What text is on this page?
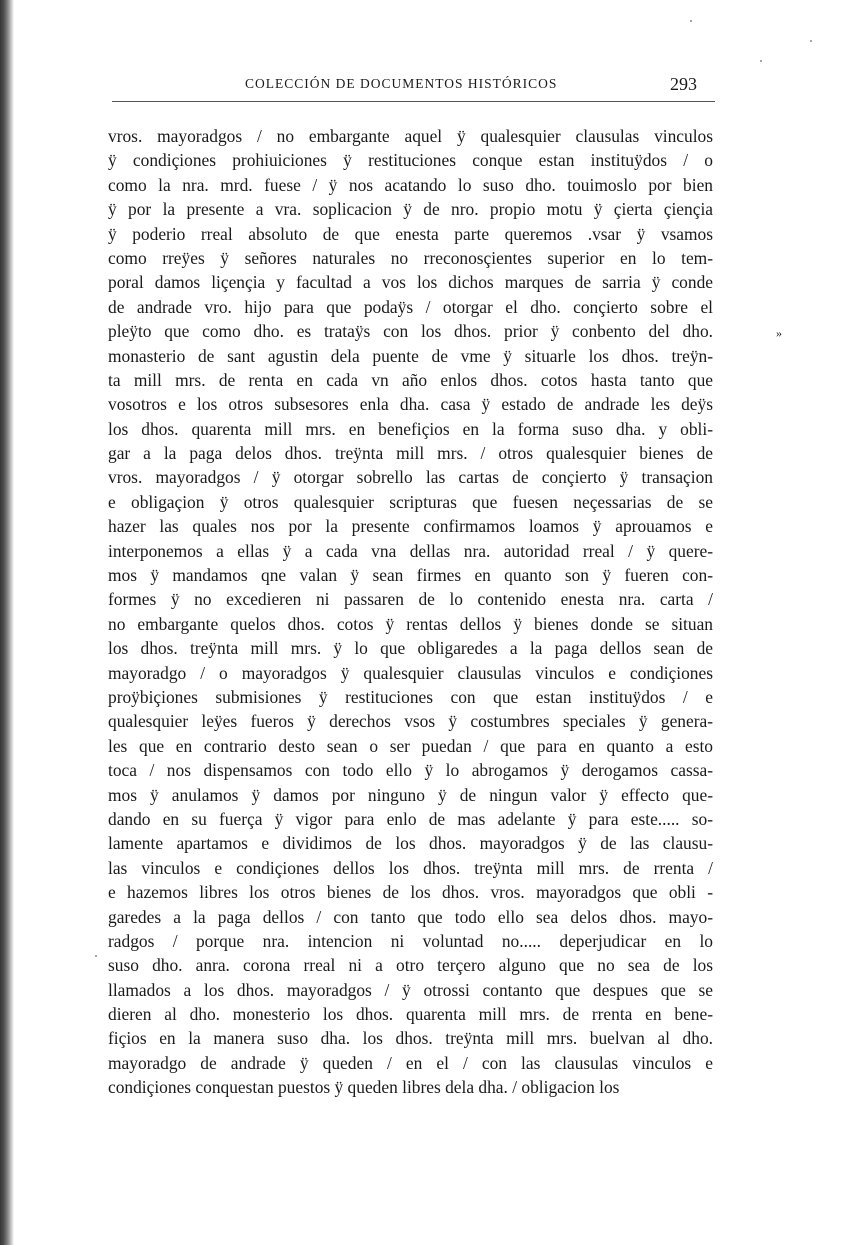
COLECCIÓN DE DOCUMENTOS HISTÓRICOS	293
»
vros. mayoradgos / no embargante aquel ÿ qualesquier clausulas vinculos
ÿ condiçiones prohiuiciones ÿ restituciones conque estan instituÿdos / o
como la nra. mrd. fuese / ÿ nos acatando lo suso dho. touimoslo por bien
ÿ por la presente a vra. soplicacion ÿ de nro. propio motu ÿ çierta çiençia
ÿ poderio rreal absoluto de que enesta parte queremos .vsar ÿ vsamos
como rreÿes ÿ señores naturales no rreconosçientes superior en lo tem-
poral damos liçençia y facultad a vos los dichos marques de sarria ÿ conde
de andrade vro. hijo para que podaÿs / otorgar el dho. conçierto sobre el
pleÿto que como dho. es trataÿs con los dhos. prior ÿ conbento del dho.
monasterio de sant agustin dela puente de vme ÿ situarle los dhos. treÿn-
ta mill mrs. de renta en cada vn año enlos dhos. cotos hasta tanto que
vosotros e los otros subsesores enla dha. casa ÿ estado de andrade les deÿs
los dhos. quarenta mill mrs. en benefiçios en la forma suso dha. y obli-
gar a la paga delos dhos. treÿnta mill mrs. / otros qualesquier bienes de
vros. mayoradgos / ÿ otorgar sobrello las cartas de conçierto ÿ transaçion
e obligaçion ÿ otros qualesquier scripturas que fuesen neçessarias de se
hazer las quales nos por la presente confirmamos loamos ÿ aprouamos e
interponemos a ellas ÿ a cada vna dellas nra. autoridad rreal / ÿ quere-
mos ÿ mandamos qne valan ÿ sean firmes en quanto son ÿ fueren con-
formes ÿ no excedieren ni passaren de lo contenido enesta nra. carta /
no embargante quelos dhos. cotos ÿ rentas dellos ÿ bienes donde se situan
los dhos. treÿnta mill mrs. ÿ lo que obligaredes a la paga dellos sean de
mayoradgo / o mayoradgos ÿ qualesquier clausulas vinculos e condiçiones
proÿbiçiones submisiones ÿ restituciones con que estan instituÿdos / e
qualesquier leÿes fueros ÿ derechos vsos ÿ costumbres speciales ÿ genera-
les que en contrario desto sean o ser puedan / que para en quanto a esto
toca / nos dispensamos con todo ello ÿ lo abrogamos ÿ derogamos cassa-
mos ÿ anulamos ÿ damos por ninguno ÿ de ningun valor ÿ effecto que-
dando en su fuerça ÿ vigor para enlo de mas adelante ÿ para este..... so-
lamente apartamos e dividimos de los dhos. mayoradgos ÿ de las clausu-
las vinculos e condiçiones dellos los dhos. treÿnta mill mrs. de rrenta /
e hazemos libres los otros bienes de los dhos. vros. mayoradgos que obli -
garedes a la paga dellos / con tanto que todo ello sea delos dhos. mayo-
radgos / porque nra. intencion ni voluntad no..... deperjudicar en lo
suso dho. anra. corona rreal ni a otro terçero alguno que no sea de los
llamados a los dhos. mayoradgos / ÿ otrossi contanto que despues que se
dieren al dho. monesterio los dhos. quarenta mill mrs. de rrenta en bene-
fiçios en la manera suso dha. los dhos. treÿnta mill mrs. buelvan al dho.
mayoradgo de andrade ÿ queden / en el / con las clausulas vinculos e
condiçiones conquestan puestos ÿ queden libres dela dha. / obligacion los
